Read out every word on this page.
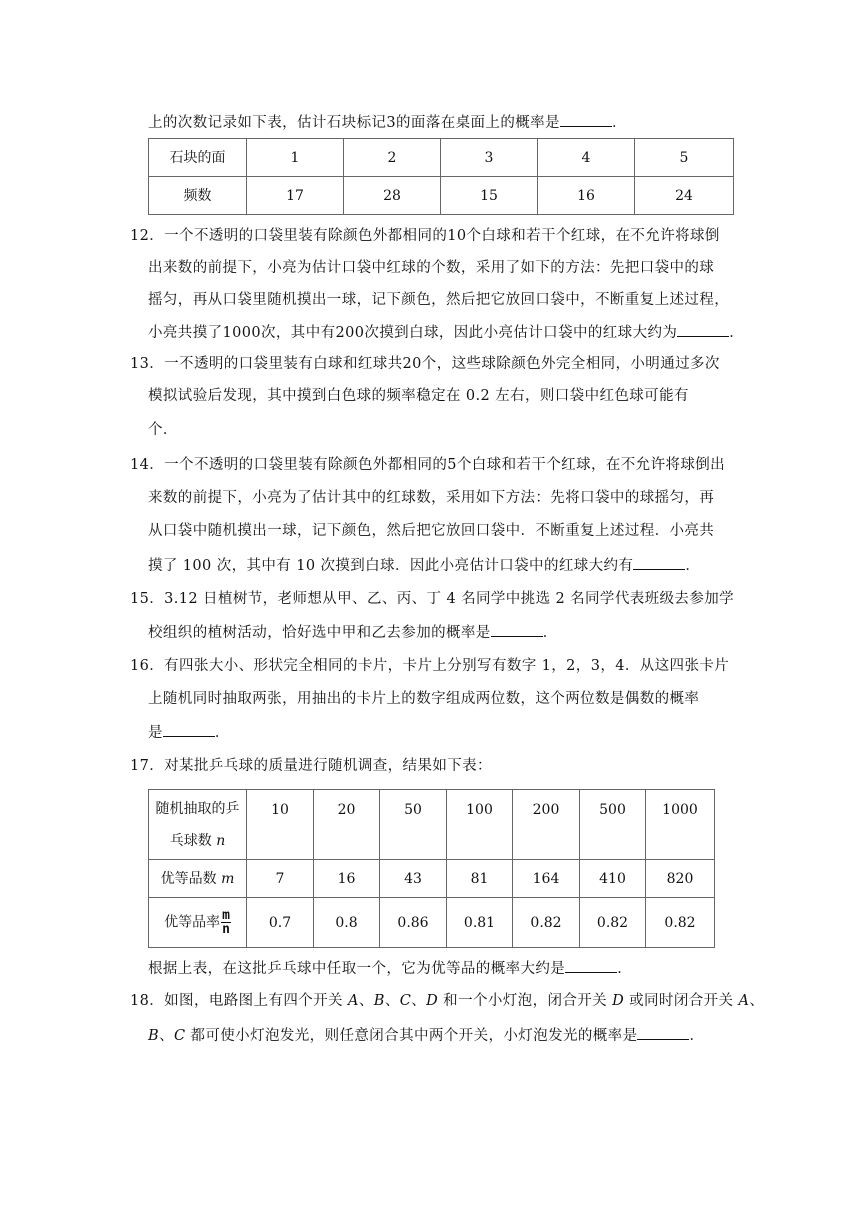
上的次数记录如下表，估计石块标记3的面落在桌面上的概率是	．
石块的面	1	2	3	4	5
频数	17	28	15	16	24
12．一个不透明的口袋里装有除颜色外都相同的10个白球和若干个红球，在不允许将球倒
出来数的前提下，小亮为估计口袋中红球的个数，采用了如下的方法：先把口袋中的球
摇匀，再从口袋里随机摸出一球，记下颜色，然后把它放回口袋中，不断重复上述过程，
小亮共摸了1000次，其中有200次摸到白球，因此小亮估计口袋中的红球大约为	．
13．一不透明的口袋里装有白球和红球共20个，这些球除颜色外完全相同，小明通过多次
模拟试验后发现，其中摸到白色球的频率稳定在 0.2 左右，则口袋中红色球可能有
个．
14．一个不透明的口袋里装有除颜色外都相同的5个白球和若干个红球，在不允许将球倒出
来数的前提下，小亮为了估计其中的红球数，采用如下方法：先将口袋中的球摇匀，再
从口袋中随机摸出一球，记下颜色，然后把它放回口袋中．不断重复上述过程．小亮共
摸了 100 次，其中有 10 次摸到白球．因此小亮估计口袋中的红球大约有	．
15．3.12 日植树节，老师想从甲、乙、丙、丁 4 名同学中挑选 2 名同学代表班级去参加学
校组织的植树活动，恰好选中甲和乙去参加的概率是	．
16．有四张大小、形状完全相同的卡片，卡片上分别写有数字 1，2，3，4．从这四张卡片
上随机同时抽取两张，用抽出的卡片上的数字组成两位数，这个两位数是偶数的概率
是	．
17．对某批乒乓球的质量进行随机调查，结果如下表：
随机抽取的乒
乓球数 n	10	20	50	100	200	500	1000
优等品数 m	7	16	43	81	164	410	820
优等品率 $\frac{m}{n}$	0.7	0.8	0.86	0.81	0.82	0.82	0.82
根据上表，在这批乒乓球中任取一个，它为优等品的概率大约是	．
18．如图，电路图上有四个开关 A、B、C、D 和一个小灯泡，闭合开关 D 或同时闭合开关 A、
B、C 都可使小灯泡发光，则任意闭合其中两个开关，小灯泡发光的概率是	．
